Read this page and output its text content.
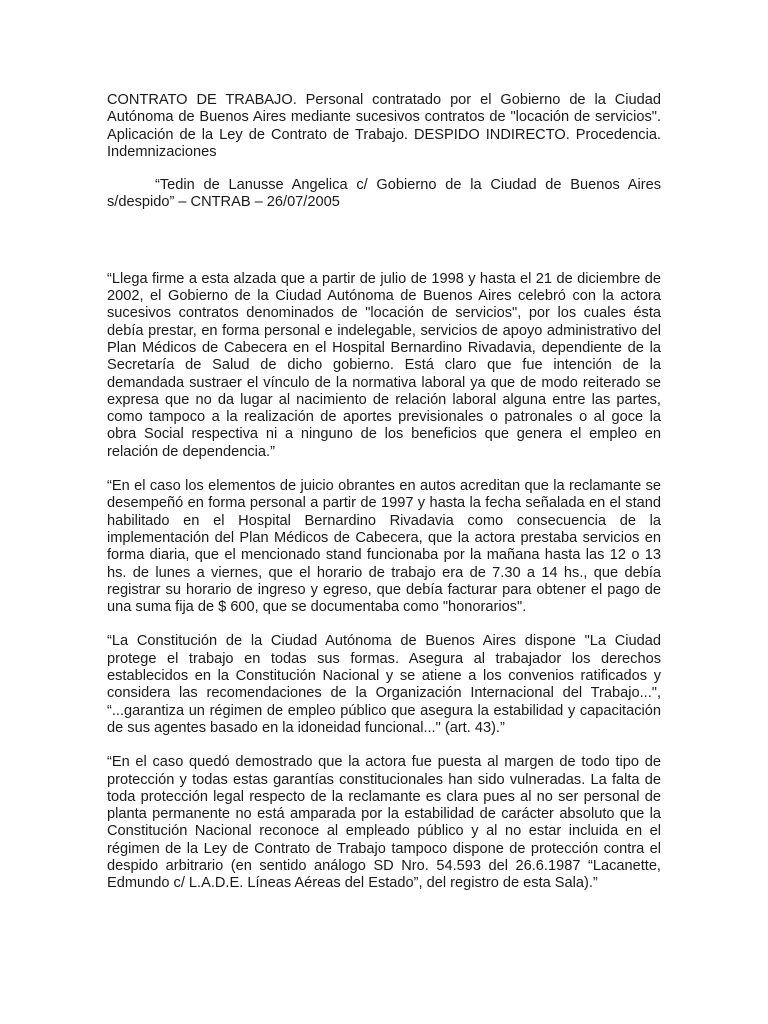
CONTRATO DE TRABAJO. Personal contratado por el Gobierno de la Ciudad Autónoma de Buenos Aires mediante sucesivos contratos de "locación de servicios". Aplicación de la Ley de Contrato de Trabajo. DESPIDO INDIRECTO. Procedencia. Indemnizaciones

“Tedin de Lanusse Angelica c/ Gobierno de la Ciudad de Buenos Aires s/despido” – CNTRAB – 26/07/2005

“Llega firme a esta alzada que a partir de julio de 1998 y hasta el 21 de diciembre de 2002, el Gobierno de la Ciudad Autónoma de Buenos Aires celebró con la actora sucesivos contratos denominados de "locación de servicios", por los cuales ésta debía prestar, en forma personal e indelegable, servicios de apoyo administrativo del Plan Médicos de Cabecera en el Hospital Bernardino Rivadavia, dependiente de la Secretaría de Salud de dicho gobierno. Está claro que fue intención de la demandada sustraer el vínculo de la normativa laboral ya que de modo reiterado se expresa que no da lugar al nacimiento de relación laboral alguna entre las partes, como tampoco a la realización de aportes previsionales o patronales o al goce la obra Social respectiva ni a ninguno de los beneficios que genera el empleo en relación de dependencia.”

“En el caso los elementos de juicio obrantes en autos acreditan que la reclamante se desempeñó en forma personal a partir de 1997 y hasta la fecha señalada en el stand habilitado en el Hospital Bernardino Rivadavia como consecuencia de la implementación del Plan Médicos de Cabecera, que la actora prestaba servicios en forma diaria, que el mencionado stand funcionaba por la mañana hasta las 12 o 13 hs. de lunes a viernes, que el horario de trabajo era de 7.30 a 14 hs., que debía registrar su horario de ingreso y egreso, que debía facturar para obtener el pago de una suma fija de $ 600, que se documentaba como "honorarios".

“La Constitución de la Ciudad Autónoma de Buenos Aires dispone "La Ciudad protege el trabajo en todas sus formas. Asegura al trabajador los derechos establecidos en la Constitución Nacional y se atiene a los convenios ratificados y considera las recomendaciones de la Organización Internacional del Trabajo...", “...garantiza un régimen de empleo público que asegura la estabilidad y capacitación de sus agentes basado en la idoneidad funcional..." (art. 43).”

“En el caso quedó demostrado que la actora fue puesta al margen de todo tipo de protección y todas estas garantías constitucionales han sido vulneradas. La falta de toda protección legal respecto de la reclamante es clara pues al no ser personal de planta permanente no está amparada por la estabilidad de carácter absoluto que la Constitución Nacional reconoce al empleado público y al no estar incluida en el régimen de la Ley de Contrato de Trabajo tampoco dispone de protección contra el despido arbitrario (en sentido análogo SD Nro. 54.593 del 26.6.1987 “Lacanette, Edmundo c/ L.A.D.E. Líneas Aéreas del Estado”, del registro de esta Sala).”
